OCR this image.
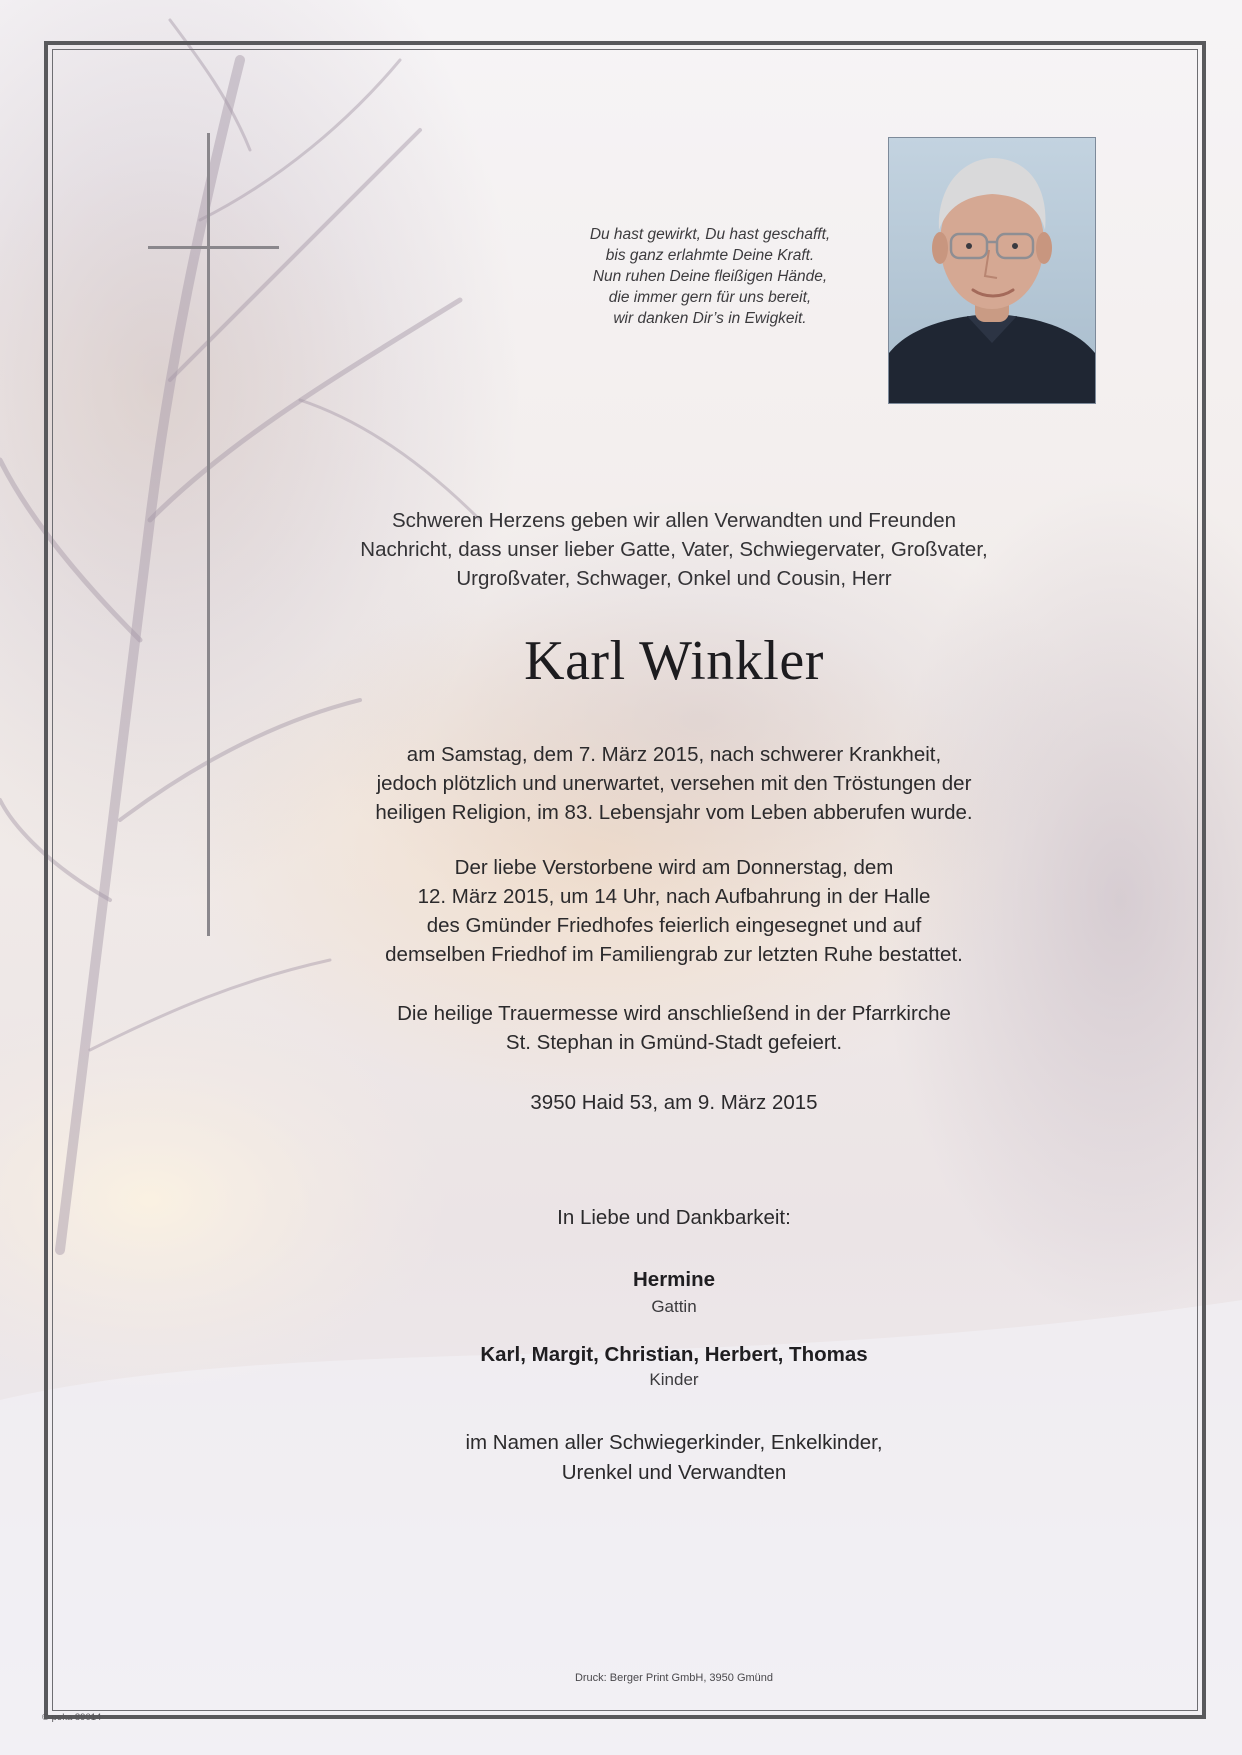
Du hast gewirkt, Du hast geschafft,
bis ganz erlahmte Deine Kraft.
Nun ruhen Deine fleißigen Hände,
die immer gern für uns bereit,
wir danken Dir’s in Ewigkeit.
Schweren Herzens geben wir allen Verwandten und Freunden
Nachricht, dass unser lieber Gatte, Vater, Schwiegervater, Großvater,
Urgroßvater, Schwager, Onkel und Cousin, Herr
Karl Winkler
am Samstag, dem 7. März 2015, nach schwerer Krankheit,
jedoch plötzlich und unerwartet, versehen mit den Tröstungen der
heiligen Religion, im 83. Lebensjahr vom Leben abberufen wurde.
Der liebe Verstorbene wird am Donnerstag, dem
12. März 2015, um 14 Uhr, nach Aufbahrung in der Halle
des Gmünder Friedhofes feierlich eingesegnet und auf
demselben Friedhof im Familiengrab zur letzten Ruhe bestattet.
Die heilige Trauermesse wird anschließend in der Pfarrkirche
St. Stephan in Gmünd-Stadt gefeiert.
3950 Haid 53, am 9. März 2015
In Liebe und Dankbarkeit:
Hermine
Gattin
Karl, Margit, Christian, Herbert, Thomas
Kinder
im Namen aller Schwiegerkinder, Enkelkinder,
Urenkel und Verwandten
Druck: Berger Print GmbH, 3950 Gmünd
© peka 89014
